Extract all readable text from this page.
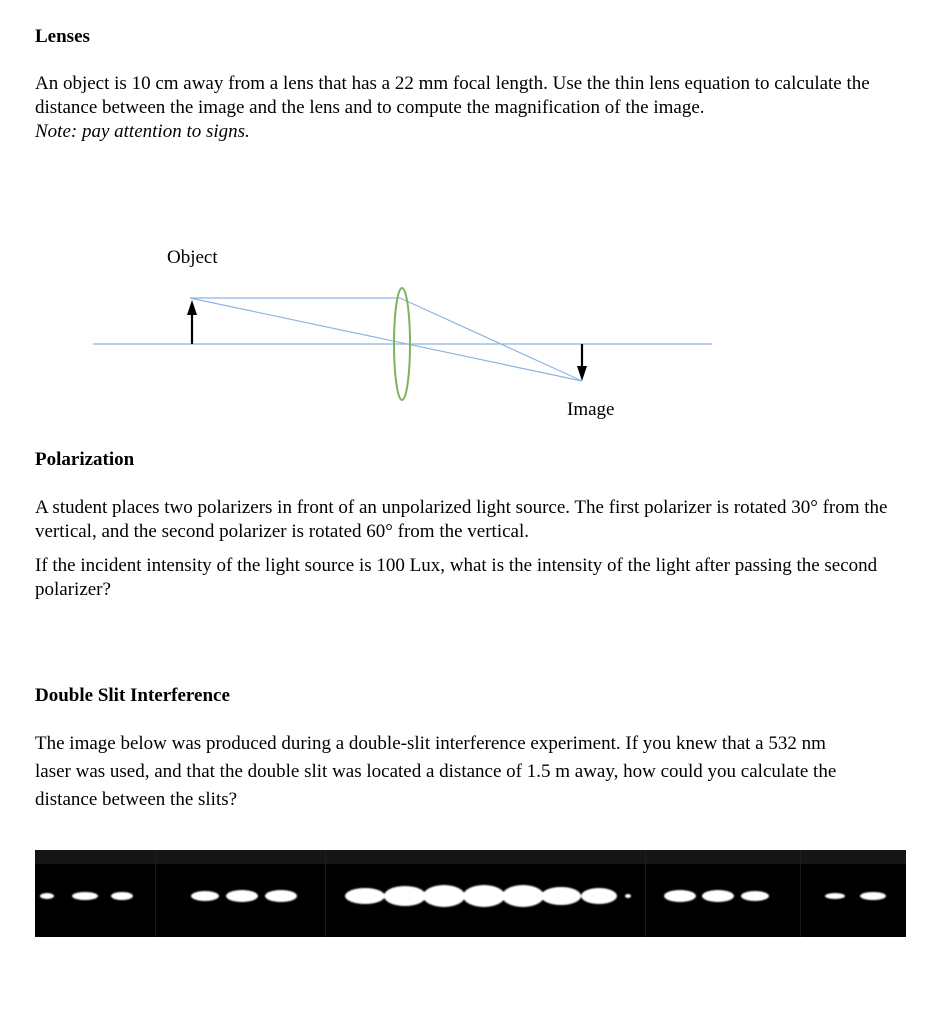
Lenses

An object is 10 cm away from a lens that has a 22 mm focal length. Use the thin lens equation to calculate the distance between the image and the lens and to compute the magnification of the image.
Note: pay attention to signs.

Object
Image
Polarization

A student places two polarizers in front of an unpolarized light source. The first polarizer is rotated 30° from the vertical, and the second polarizer is rotated 60° from the vertical.

If the incident intensity of the light source is 100 Lux, what is the intensity of the light after passing the second polarizer?

Double Slit Interference

The image below was produced during a double-slit interference experiment. If you knew that a 532 nm laser was used, and that the double slit was located a distance of 1.5 m away, how could you calculate the distance between the slits?
